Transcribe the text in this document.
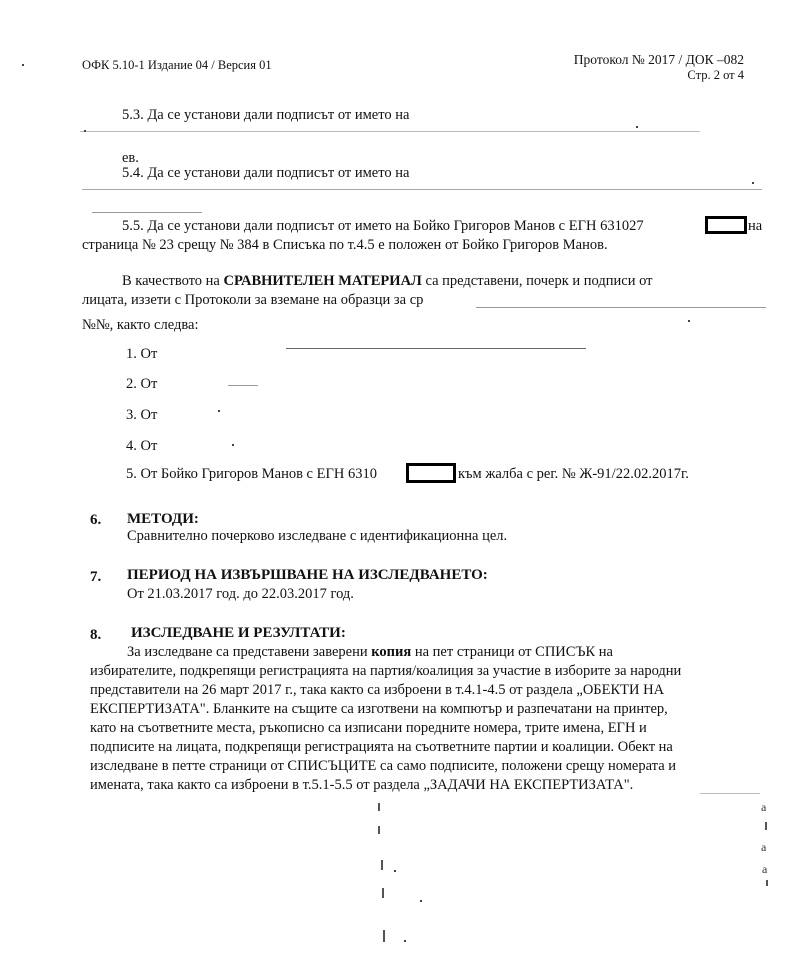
ОФК 5.10-1 Издание 04 / Версия 01	Протокол № 2017 / ДОК –082
Стр. 2 от 4
5.3. Да се установи дали подписът от името на
ев.
5.4. Да се установи дали подписът от името на
5.5. Да се установи дали подписът от името на Бойко Григоров Манов с ЕГН 631027	на
страница № 23 срещу № 384 в Списъка по т.4.5 е положен от Бойко Григоров Манов.
В качеството на СРАВНИТЕЛЕН МАТЕРИАЛ са представени, почерк и подписи от
лицата, иззети с Протоколи за вземане на образци за ср
№№, както следва:
1. От
2. От
3. От
4. От
5. От Бойко Григоров Манов с ЕГН 6310	към жалба с рег. № Ж-91/22.02.2017г.
6. МЕТОДИ:
Сравнително почерково изследване с идентификационна цел.
7. ПЕРИОД НА ИЗВЪРШВАНЕ НА ИЗСЛЕДВАНЕТО:
От 21.03.2017 год. до 22.03.2017 год.
8. ИЗСЛЕДВАНЕ И РЕЗУЛТАТИ:
За изследване са представени заверени копия на пет страници от СПИСЪК на
избирателите, подкрепящи регистрацията на партия/коалиция за участие в изборите за народни
представители на 26 март 2017 г., така както са изброени в т.4.1-4.5 от раздела „ОБЕКТИ НА
ЕКСПЕРТИЗАТА". Бланките на същите са изготвени на компютър и разпечатани на принтер,
като на съответните места, ръкописно са изписани поредните номера, трите имена, ЕГН и
подписите на лицата, подкрепящи регистрацията на съответните партии и коалиции. Обект на
изследване в петте страници от СПИСЪЦИТЕ са само подписите, положени срещу номерата и
имената, така както са изброени в т.5.1-5.5 от раздела „ЗАДАЧИ НА ЕКСПЕРТИЗАТА".
a
a
a
